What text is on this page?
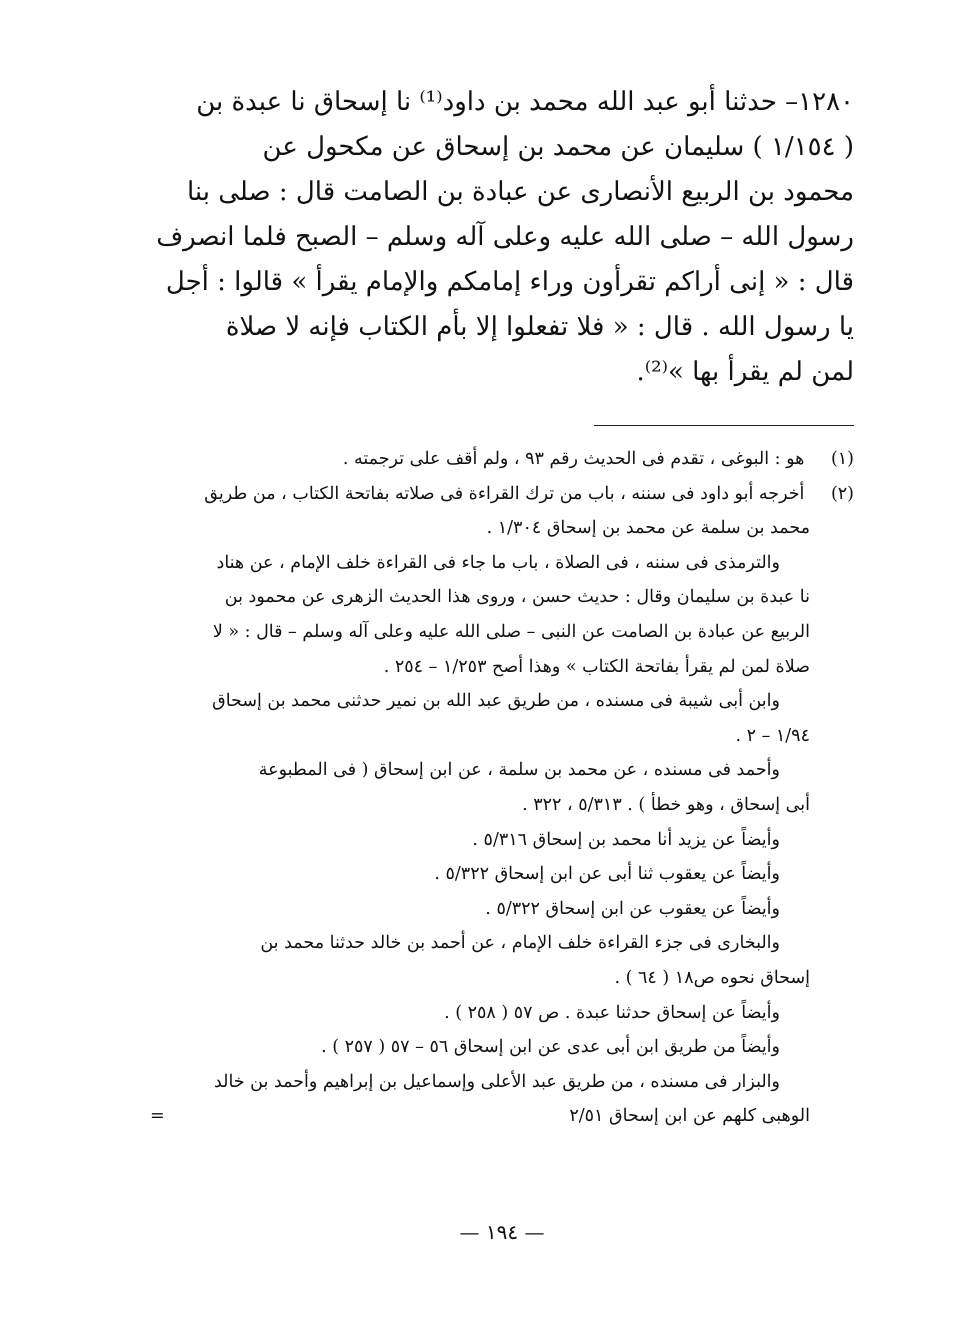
١٢٨٠– حدثنا أبو عبد الله محمد بن داود⁽¹⁾ نا إسحاق نا عبدة بن
( ١/١٥٤ ) سليمان عن محمد بن إسحاق عن مكحول عن
محمود بن الربيع الأنصارى عن عبادة بن الصامت قال : صلى بنا
رسول الله – صلى الله عليه وعلى آله وسلم – الصبح فلما انصرف
قال : « إنى أراكم تقرأون وراء إمامكم والإمام يقرأ » قالوا : أجل
يا رسول الله . قال : « فلا تفعلوا إلا بأم الكتاب فإنه لا صلاة
لمن لم يقرأ بها »⁽²⁾.
(١) هو : البوغى ، تقدم فى الحديث رقم ٩٣ ، ولم أقف على ترجمته .
(٢) أخرجه أبو داود فى سننه ، باب من ترك القراءة فى صلاته بفاتحة الكتاب ، من طريق
محمد بن سلمة عن محمد بن إسحاق ١/٣٠٤ .
والترمذى فى سننه ، فى الصلاة ، باب ما جاء فى القراءة خلف الإمام ، عن هناد
نا عبدة بن سليمان وقال : حديث حسن ، وروى هذا الحديث الزهرى عن محمود بن
الربيع عن عبادة بن الصامت عن النبى – صلى الله عليه وعلى آله وسلم – قال : « لا
صلاة لمن لم يقرأ بفاتحة الكتاب » وهذا أصح ١/٢٥٣ – ٢٥٤ .
وابن أبى شيبة فى مسنده ، من طريق عبد الله بن نمير حدثنى محمد بن إسحاق
١/٩٤ – ٢ .
وأحمد فى مسنده ، عن محمد بن سلمة ، عن ابن إسحاق ( فى المطبوعة
أبى إسحاق ، وهو خطأ ) . ٥/٣١٣ ، ٣٢٢ .
وأيضاً عن يزيد أنا محمد بن إسحاق ٥/٣١٦ .
وأيضاً عن يعقوب ثنا أبى عن ابن إسحاق ٥/٣٢٢ .
وأيضاً عن يعقوب عن ابن إسحاق ٥/٣٢٢ .
والبخارى فى جزء القراءة خلف الإمام ، عن أحمد بن خالد حدثنا محمد بن
إسحاق نحوه ص١٨ ( ٦٤ ) .
وأيضاً عن إسحاق حدثنا عبدة . ص ٥٧ ( ٢٥٨ ) .
وأيضاً من طريق ابن أبى عدى عن ابن إسحاق ٥٦ – ٥٧ ( ٢٥٧ ) .
والبزار فى مسنده ، من طريق عبد الأعلى وإسماعيل بن إبراهيم وأحمد بن خالد
الوهبى كلهم عن ابن إسحاق ٢/٥١
=
— ١٩٤ —
